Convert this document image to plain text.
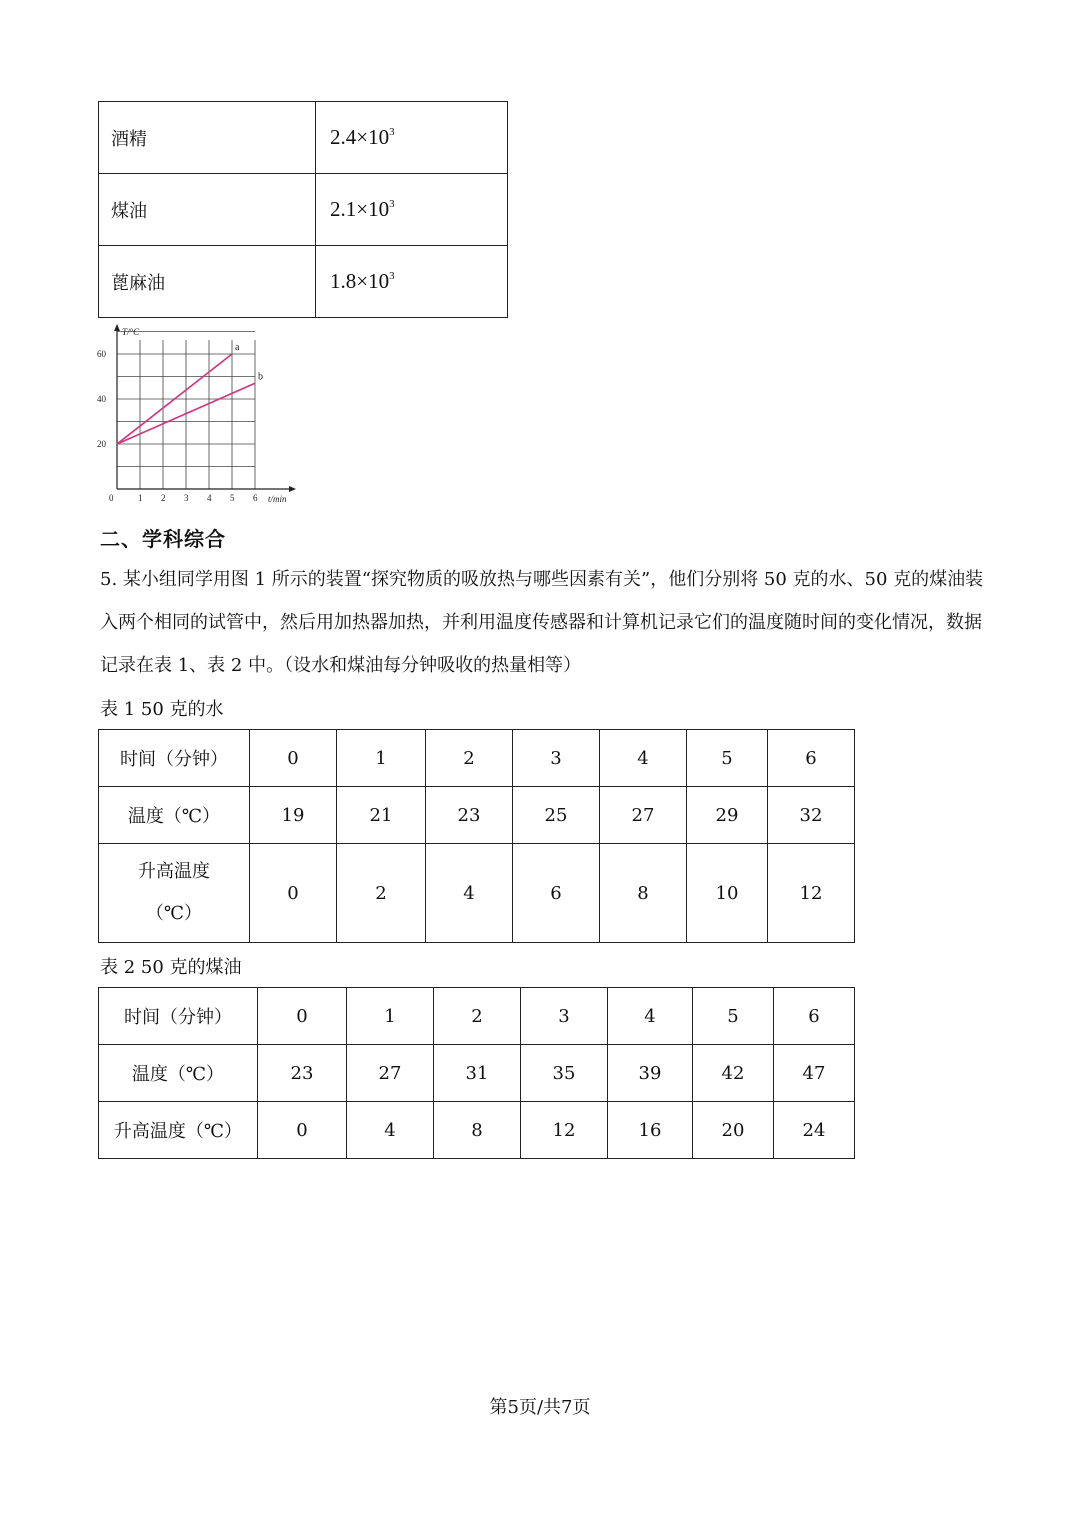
酒精	$2.4\times 10^3$
煤油	$2.1\times 10^3$
蓖麻油	$1.8\times 10^3$
a
b
0	1 2 3 4 5 6
20
40
60
T/°C
t/min
二、学科综合
5. 某小组同学用图 1 所示的装置“探究物质的吸放热与哪些因素有关”，他们分别将 50 克的水、50 克的煤油装入两个相同的试管中，然后用加热器加热，并利用温度传感器和计算机记录它们的温度随时间的变化情况，数据记录在表 1、表 2 中。（设水和煤油每分钟吸收的热量相等）
表 1 50 克的水
时间（分钟）	0	1	2	3	4	5	6
温度（℃）	19	21	23	25	27	29	32

升高温度
（℃）	0	2	4	6	8	10	12
表 2 50 克的煤油
时间（分钟）	0	1	2	3	4	5	6
温度（℃）	23	27	31	35	39	42	47
升高温度（℃）	0	4	8	12	16	20	24
第5页/共7页
